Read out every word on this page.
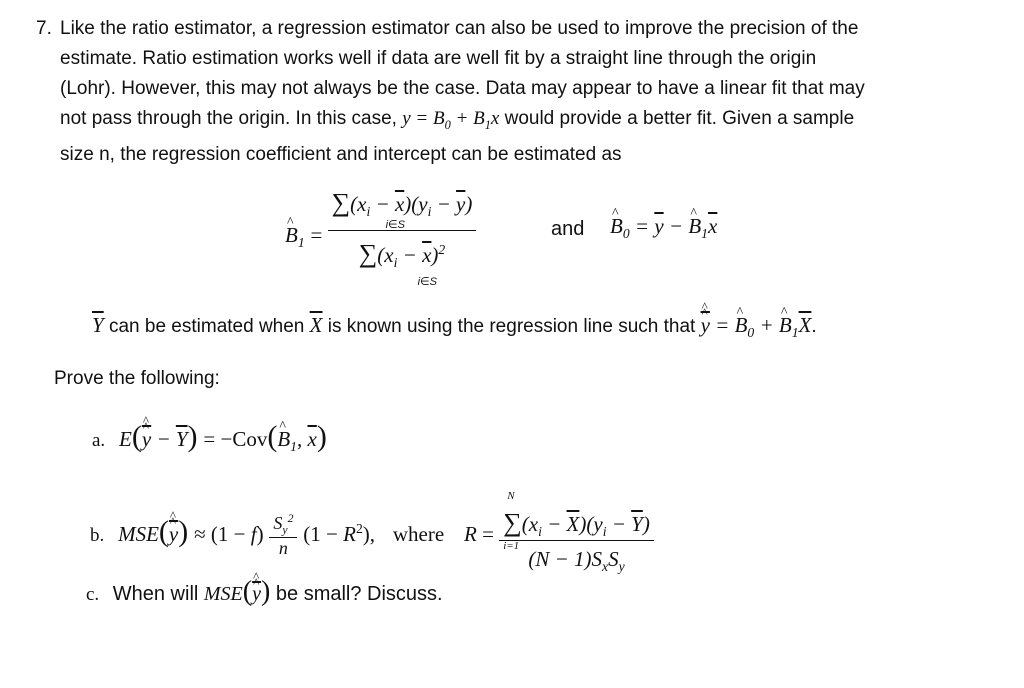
7. Like the ratio estimator, a regression estimator can also be used to improve the precision of the
estimate. Ratio estimation works well if data are well fit by a straight line through the origin
(Lohr). However, this may not always be the case. Data may appear to have a linear fit that may
not pass through the origin. In this case, $y = B_0 + B_1x$ would provide a better fit. Given a sample
size n, the regression coefficient and intercept can be estimated as
^ $B_1 = \sum(x_i - \overline{x})(y_i - \overline{y})$
i∈S
$\sum(x_i - \overline{x})^2$
i∈S	and ^ $B_0 = \overline{y}$ − ^ $B_1\overline{x}$
$\overline{Y}$ can be estimated when $\overline{X}$ is known using the regression line such that ^ $\overline{y}$ ^ = ^ $B_0$ + ^ $B_1\overline{X}$.
Prove the following:
a. E(^ $\overline{y}$ ^ − $\overline{Y}$) = −Cov(^ $B_1$, $\overline{x}$)
b. MSE(^ $\overline{y}$ ^) ≈ $(1 - f) \frac{S_y^2}{n} (1 - R^2)$, where R = N
$\sum(x_i - \overline{X})(y_i - \overline{Y})$
i=1
$(N - 1)S_xS_y$
c. When will MSE(^ $\overline{y}$ ^) be small? Discuss.
